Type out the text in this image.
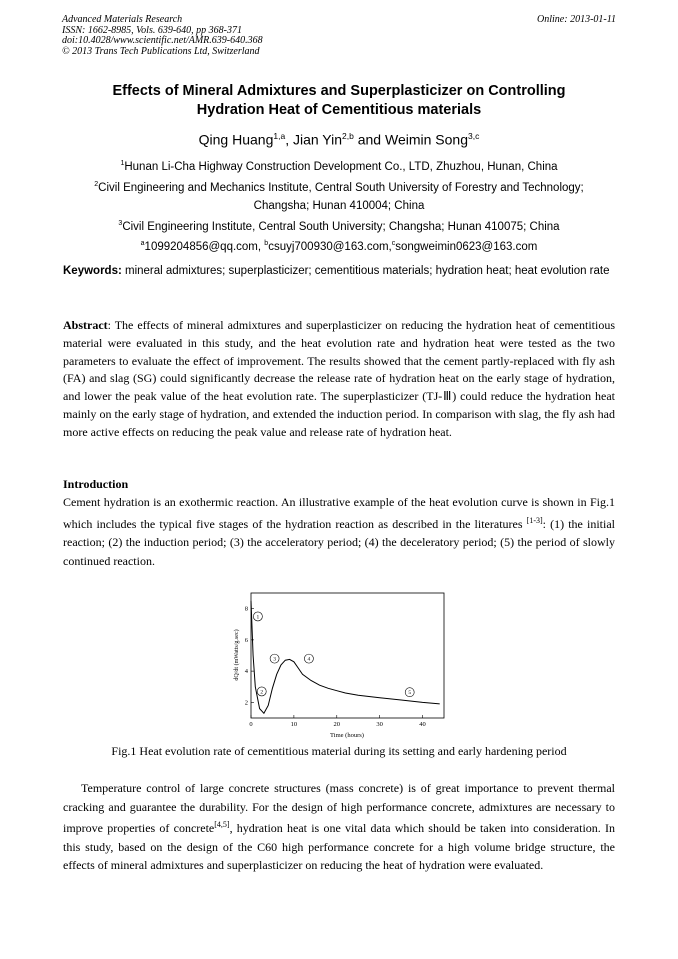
Advanced Materials Research
ISSN: 1662-8985, Vols. 639-640, pp 368-371
doi:10.4028/www.scientific.net/AMR.639-640.368
© 2013 Trans Tech Publications Ltd, Switzerland
Online: 2013-01-11
Effects of Mineral Admixtures and Superplasticizer on Controlling
Hydration Heat of Cementitious materials
Qing Huang$^{1,a}$, Jian Yin$^{2,b}$ and Weimin Song$^{3,c}$
$^1$Hunan Li-Cha Highway Construction Development Co., LTD, Zhuzhou, Hunan, China
$^2$Civil Engineering and Mechanics Institute, Central South University of Forestry and Technology;
Changsha; Hunan 410004; China
$^3$Civil Engineering Institute, Central South University; Changsha; Hunan 410075; China
$^a$1099204856@qq.com, $^b$csuyj700930@163.com,$^c$songweimin0623@163.com
Keywords: mineral admixtures; superplasticizer; cementitious materials; hydration heat; heat evolution rate
Abstract: The effects of mineral admixtures and superplasticizer on reducing the hydration heat of cementitious material were evaluated in this study, and the heat evolution rate and hydration heat were tested as the two parameters to evaluate the effect of improvement. The results showed that the cement partly-replaced with fly ash (FA) and slag (SG) could significantly decrease the release rate of hydration heat on the early stage of hydration, and lower the peak value of the heat evolution rate. The superplasticizer (TJ-Ⅲ) could reduce the hydration heat mainly on the early stage of hydration, and extended the induction period. In comparison with slag, the fly ash had more active effects on reducing the peak value and release rate of hydration heat.
Introduction
Cement hydration is an exothermic reaction. An illustrative example of the heat evolution curve is shown in Fig.1 which includes the typical five stages of the hydration reaction as described in the literatures [1-3]: (1) the initial reaction; (2) the induction period; (3) the acceleratory period; (4) the deceleratory period; (5) the period of slowly continued reaction.
0	10	20	30	40
2
4
6
8
1
2
3	4
5
Time (hours)
dQ/dt (mWatts/g.sec)
Fig.1 Heat evolution rate of cementitious material during its setting and early hardening period
Temperature control of large concrete structures (mass concrete) is of great importance to prevent thermal cracking and guarantee the durability. For the design of high performance concrete, admixtures are necessary to improve properties of concrete[4,5], hydration heat is one vital data which should be taken into consideration. In this study, based on the design of the C60 high performance concrete for a high volume bridge structure, the effects of mineral admixtures and superplasticizer on reducing the heat of hydration were evaluated.
